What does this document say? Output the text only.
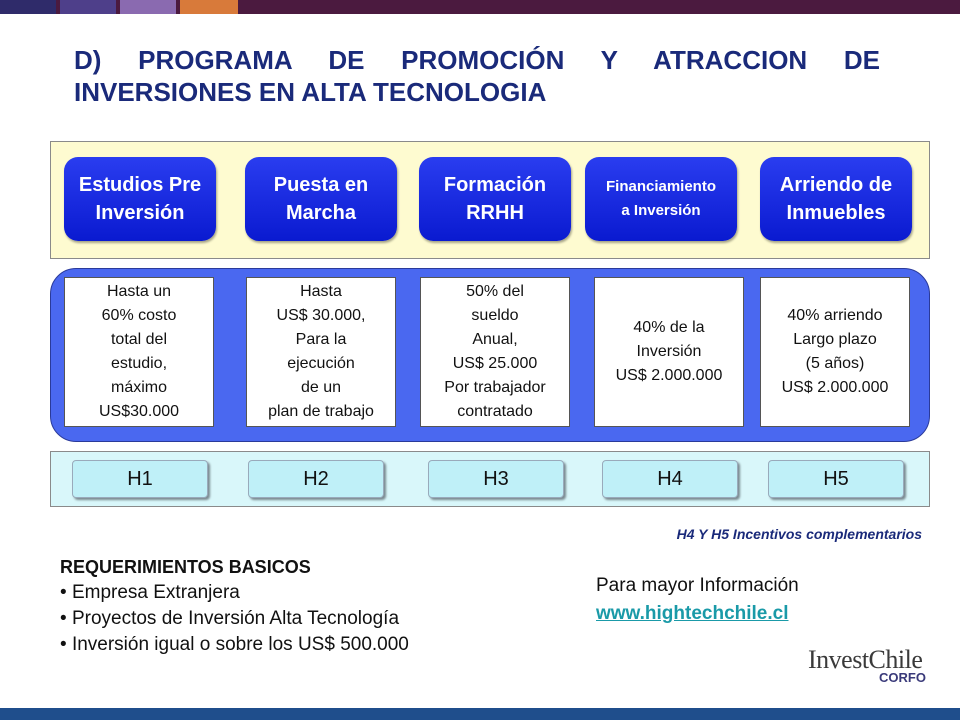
D) PROGRAMA DE PROMOCIÓN Y ATRACCION DE
INVERSIONES EN ALTA TECNOLOGIA
Estudios Pre
Inversión
Puesta en
Marcha
Formación
RRHH
Financiamiento
a Inversión
Arriendo de
Inmuebles
Hasta un
60% costo
total del
estudio,
máximo
US$30.000
Hasta
US$ 30.000,
Para la
ejecución
de un
plan de trabajo
50% del
sueldo
Anual,
US$ 25.000
Por trabajador
contratado
40% de la
Inversión
US$ 2.000.000
40% arriendo
Largo plazo
(5 años)
US$ 2.000.000
H1	H2	H3	H4	H5
H4 Y H5 Incentivos complementarios
REQUERIMIENTOS BASICOS
• Empresa Extranjera
• Proyectos de Inversión Alta Tecnología
• Inversión igual o sobre los US$ 500.000
Para mayor Información
www.hightechchile.cl
InvestChile
CORFO
